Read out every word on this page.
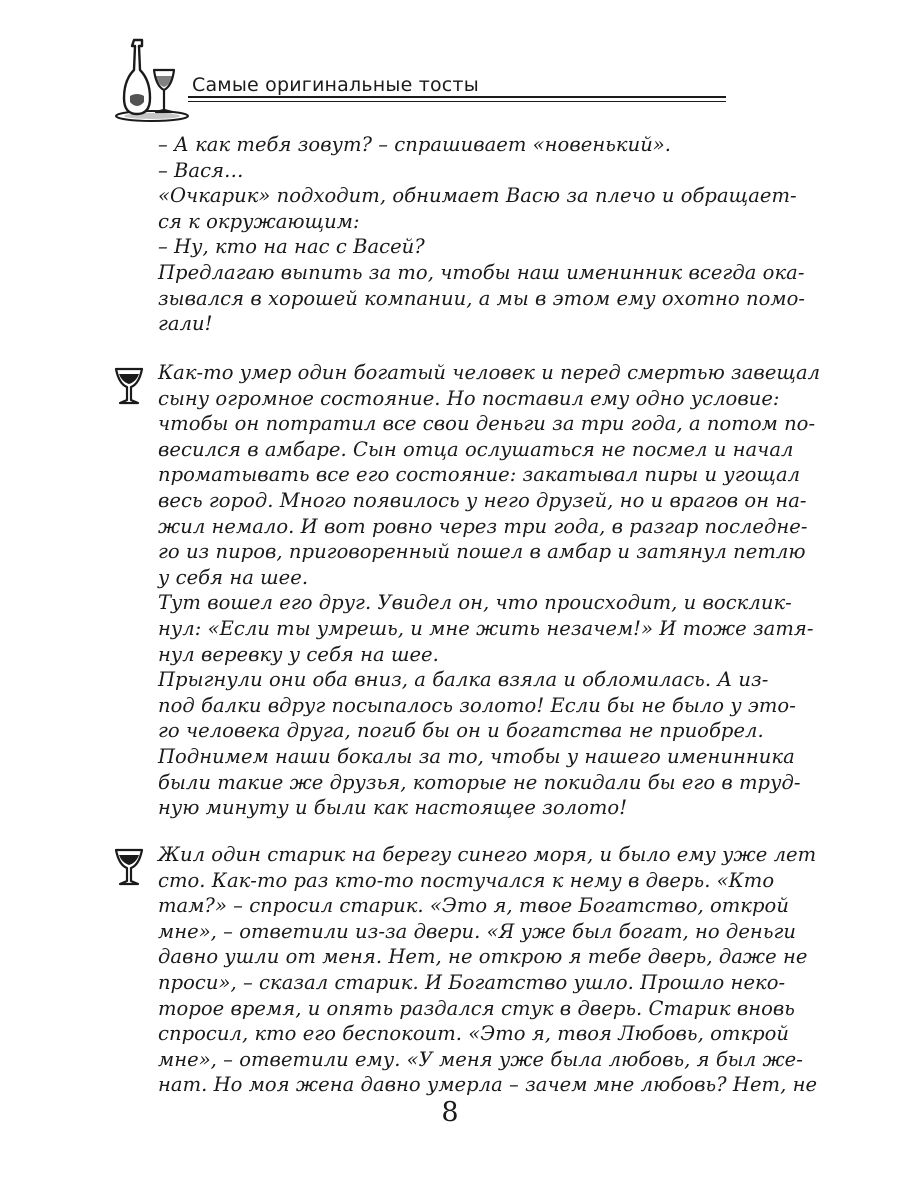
Самые оригинальные тосты
– А как тебя зовут? – спрашивает «новенький».
– Вася…
«Очкарик» подходит, обнимает Васю за плечо и обращает-
ся к окружающим:
– Ну, кто на нас с Васей?
Предлагаю выпить за то, чтобы наш именинник всегда ока-
зывался в хорошей компании, а мы в этом ему охотно помо-
гали!
Как-то умер один богатый человек и перед смертью завещал
сыну огромное состояние. Но поставил ему одно условие:
чтобы он потратил все свои деньги за три года, а потом по-
весился в амбаре. Сын отца ослушаться не посмел и начал
проматывать все его состояние: закатывал пиры и угощал
весь город. Много появилось у него друзей, но и врагов он на-
жил немало. И вот ровно через три года, в разгар последне-
го из пиров, приговоренный пошел в амбар и затянул петлю
у себя на шее.
Тут вошел его друг. Увидел он, что происходит, и восклик-
нул: «Если ты умрешь, и мне жить незачем!» И тоже затя-
нул веревку у себя на шее.
Прыгнули они оба вниз, а балка взяла и обломилась. А из-
под балки вдруг посыпалось золото! Если бы не было у это-
го человека друга, погиб бы он и богатства не приобрел.
Поднимем наши бокалы за то, чтобы у нашего именинника
были такие же друзья, которые не покидали бы его в труд-
ную минуту и были как настоящее золото!
Жил один старик на берегу синего моря, и было ему уже лет
сто. Как-то раз кто-то постучался к нему в дверь. «Кто
там?» – спросил старик. «Это я, твое Богатство, открой
мне», – ответили из-за двери. «Я уже был богат, но деньги
давно ушли от меня. Нет, не открою я тебе дверь, даже не
проси», – сказал старик. И Богатство ушло. Прошло неко-
торое время, и опять раздался стук в дверь. Старик вновь
спросил, кто его беспокоит. «Это я, твоя Любовь, открой
мне», – ответили ему. «У меня уже была любовь, я был же-
нат. Но моя жена давно умерла – зачем мне любовь? Нет, не
8
